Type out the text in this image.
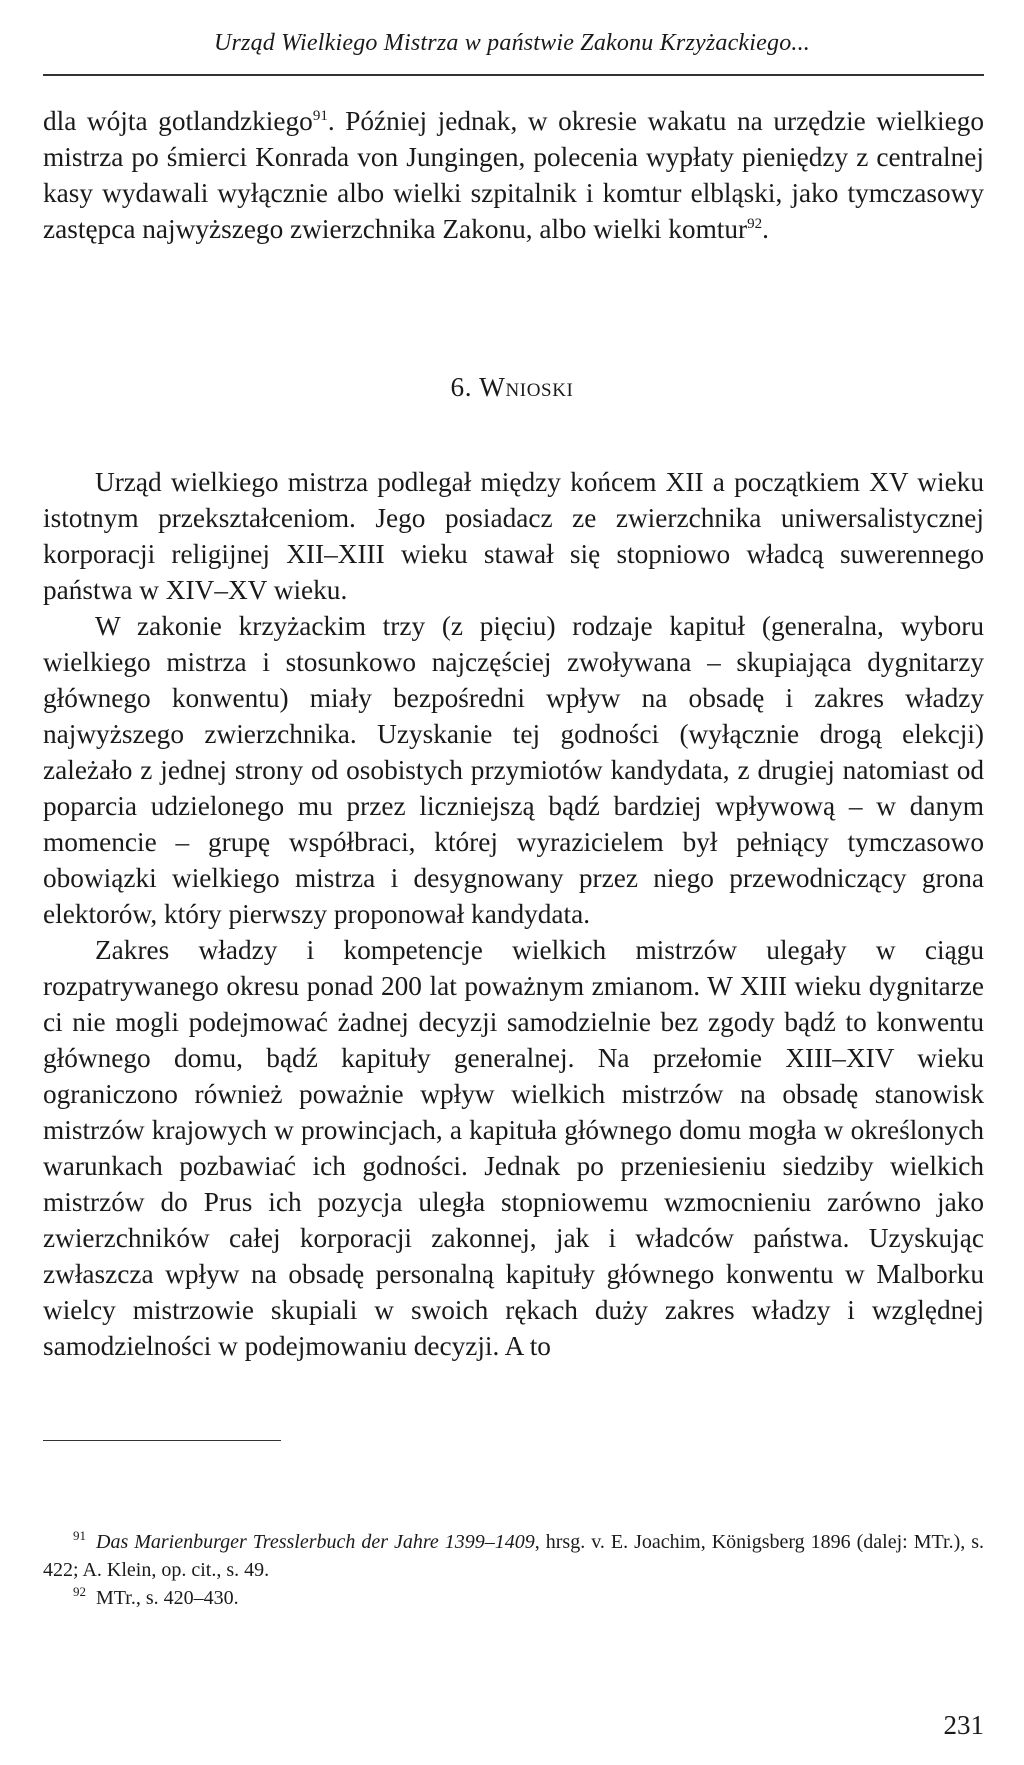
Urząd Wielkiego Mistrza w państwie Zakonu Krzyżackiego...

dla wójta gotlandzkiego$^{91}$. Później jednak, w okresie wakatu na urzędzie wielkiego mistrza po śmierci Konrada von Jungingen, polecenia wypłaty pieniędzy z centralnej kasy wydawali wyłącznie albo wielki szpitalnik i komtur elbląski, jako tymczasowy zastępca najwyższego zwierzchnika Zakonu, albo wielki komtur$^{92}$.

6. Wnioski

Urząd wielkiego mistrza podlegał między końcem XII a początkiem XV wieku istotnym przekształceniom. Jego posiadacz ze zwierzchnika uniwersalistycznej korporacji religijnej XII–XIII wieku stawał się stopniowo władcą suwerennego państwa w XIV–XV wieku.

W zakonie krzyżackim trzy (z pięciu) rodzaje kapituł (generalna, wyboru wielkiego mistrza i stosunkowo najczęściej zwoływana – skupiająca dygnitarzy głównego konwentu) miały bezpośredni wpływ na obsadę i zakres władzy najwyższego zwierzchnika. Uzyskanie tej godności (wyłącznie drogą elekcji) zależało z jednej strony od osobistych przymiotów kandydata, z drugiej natomiast od poparcia udzielonego mu przez liczniejszą bądź bardziej wpływową – w danym momencie – grupę współbraci, której wyrazicielem był pełniący tymczasowo obowiązki wielkiego mistrza i desygnowany przez niego przewodniczący grona elektorów, który pierwszy proponował kandydata.

Zakres władzy i kompetencje wielkich mistrzów ulegały w ciągu rozpatrywanego okresu ponad 200 lat poważnym zmianom. W XIII wieku dygnitarze ci nie mogli podejmować żadnej decyzji samodzielnie bez zgody bądź to konwentu głównego domu, bądź kapituły generalnej. Na przełomie XIII–XIV wieku ograniczono również poważnie wpływ wielkich mistrzów na obsadę stanowisk mistrzów krajowych w prowincjach, a kapituła głównego domu mogła w określonych warunkach pozbawiać ich godności. Jednak po przeniesieniu siedziby wielkich mistrzów do Prus ich pozycja uległa stopniowemu wzmocnieniu zarówno jako zwierzchników całej korporacji zakonnej, jak i władców państwa. Uzyskując zwłaszcza wpływ na obsadę personalną kapituły głównego konwentu w Malborku wielcy mistrzowie skupiali w swoich rękach duży zakres władzy i względnej samodzielności w podejmowaniu decyzji. A to

$^{91}$ Das Marienburger Tresslerbuch der Jahre 1399–1409, hrsg. v. E. Joachim, Königsberg 1896 (dalej: MTr.), s. 422; A. Klein, op. cit., s. 49.

$^{92}$ MTr., s. 420–430.

231
